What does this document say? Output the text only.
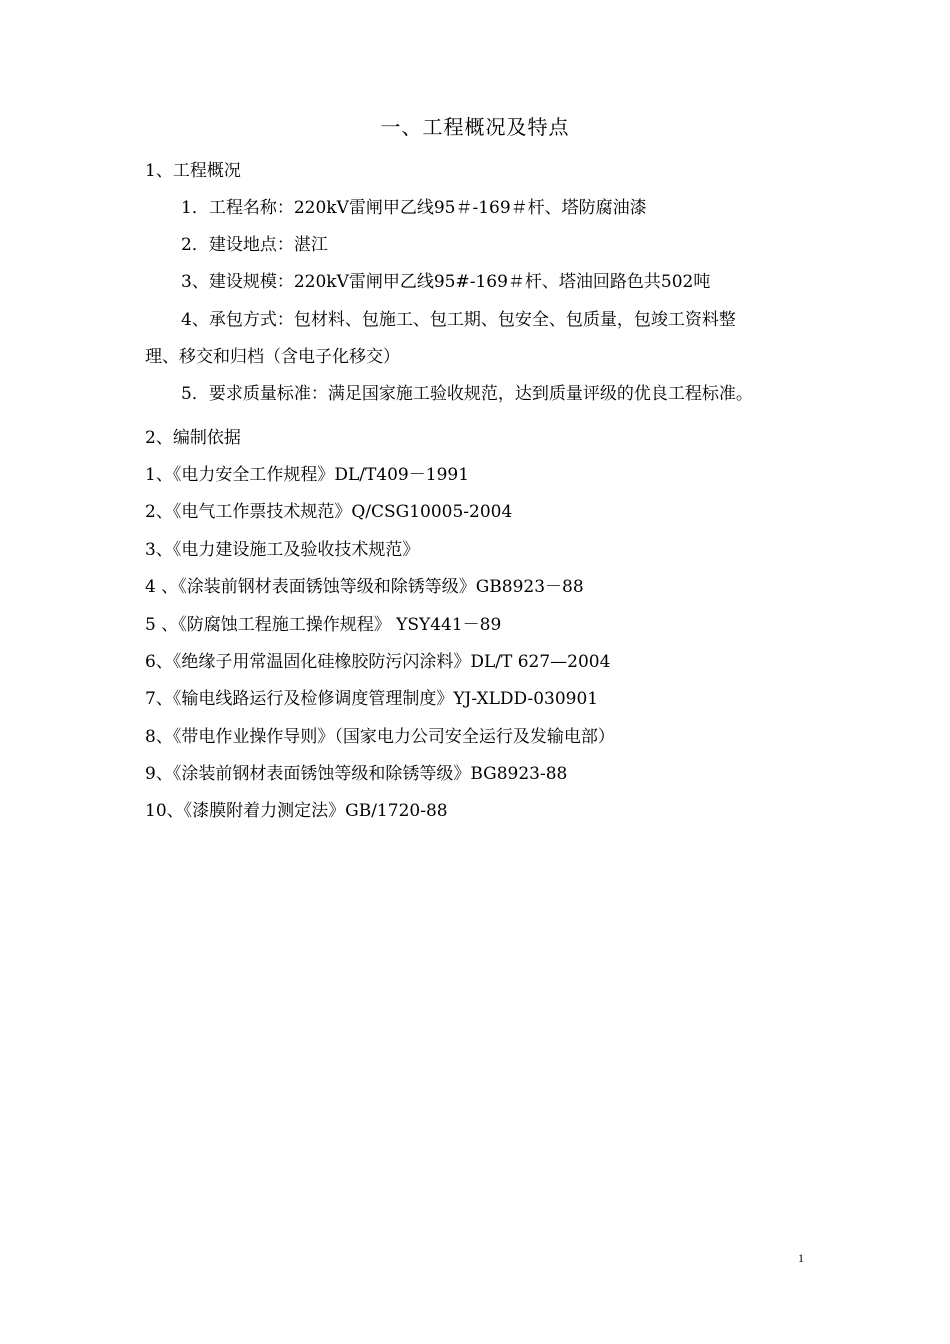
一、工程概况及特点
1、工程概况
1．工程名称：220kV雷闸甲乙线95＃-169＃杆、塔防腐油漆
2．建设地点：湛江
3、建设规模：220kV雷闸甲乙线95#-169＃杆、塔油回路色共502吨
4、承包方式：包材料、包施工、包工期、包安全、包质量，包竣工资料整
理、移交和归档（含电子化移交）
5．要求质量标准：满足国家施工验收规范，达到质量评级的优良工程标准。
2、编制依据
1、《电力安全工作规程》DL/T409－1991
2、《电气工作票技术规范》Q/CSG10005-2004
3、《电力建设施工及验收技术规范》
4 、《涂装前钢材表面锈蚀等级和除锈等级》GB8923－88
5 、《防腐蚀工程施工操作规程》 YSY441－89
6、《绝缘子用常温固化硅橡胶防污闪涂料》DL/T 627—2004
7、《输电线路运行及检修调度管理制度》YJ-XLDD-030901
8、《带电作业操作导则》（国家电力公司安全运行及发输电部）
9、《涂装前钢材表面锈蚀等级和除锈等级》BG8923-88
10、《漆膜附着力测定法》GB/1720-88
1
